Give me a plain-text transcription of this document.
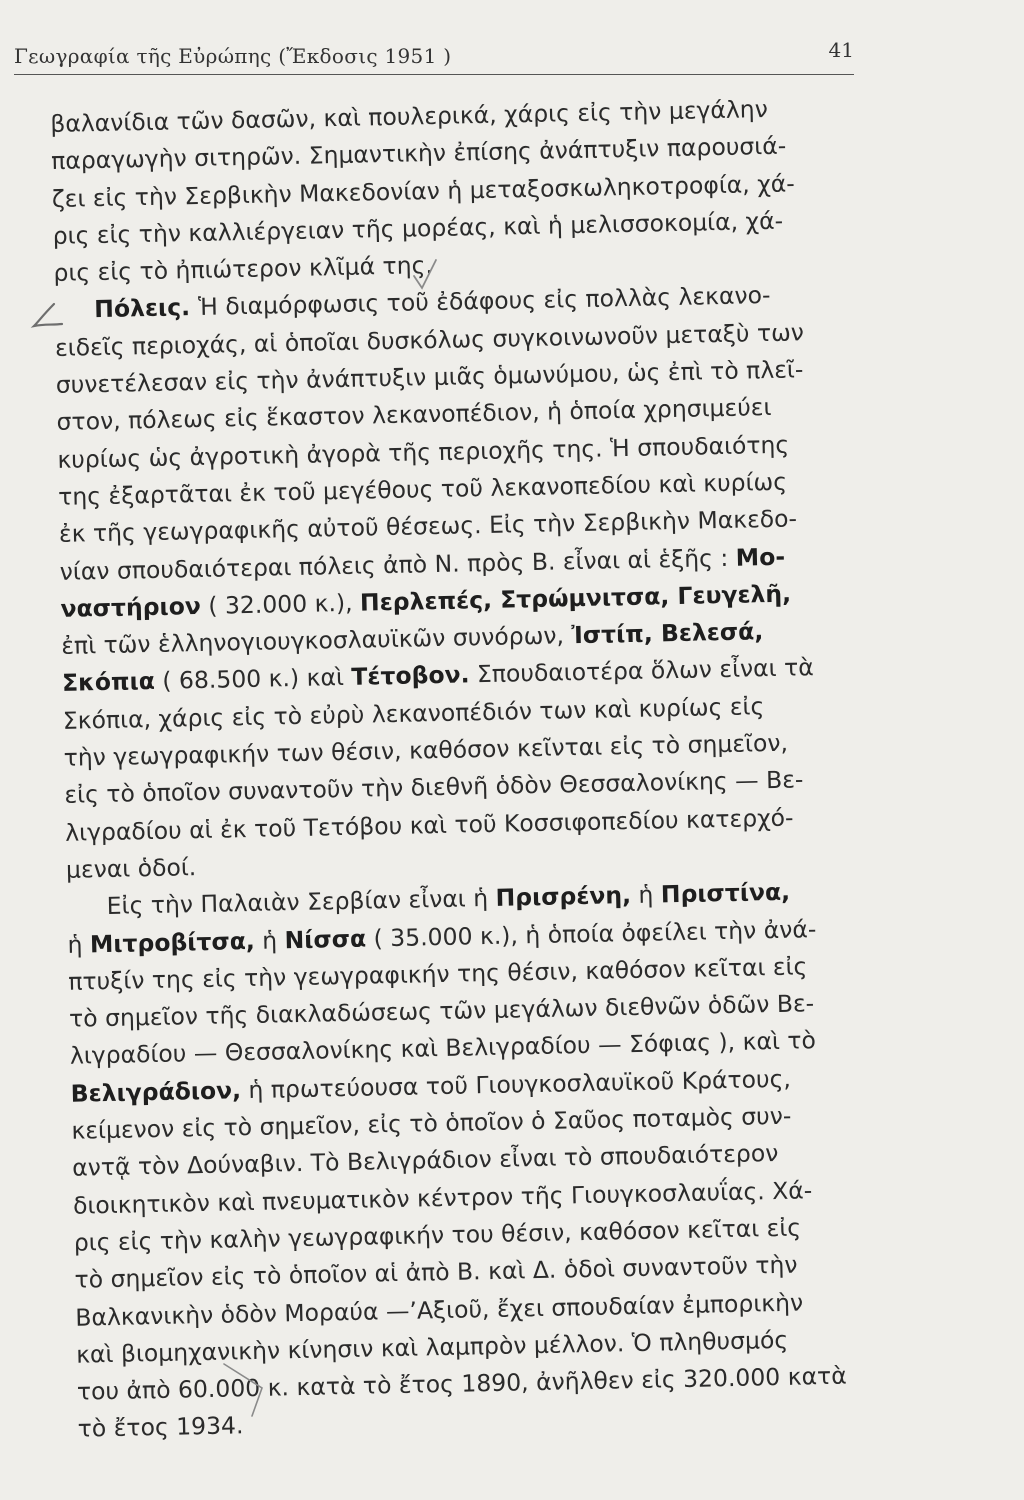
Γεωγραφία τῆς Εὐρώπης (Ἔκδοσις 1951 )	41
βαλανίδια τῶν δασῶν, καὶ πουλερικά, χάρις εἰς τὴν μεγάλην
παραγωγὴν σιτηρῶν. Σημαντικὴν ἐπίσης ἀνάπτυξιν παρουσιά-
ζει εἰς τὴν Σερβικὴν Μακεδονίαν ἡ μεταξοσκωληκοτροφία, χά-
ρις εἰς τὴν καλλιέργειαν τῆς μορέας, καὶ ἡ μελισσοκομία, χά-
ρις εἰς τὸ ἠπιώτερον κλῖμά της.
Πόλεις. Ἡ διαμόρφωσις τοῦ ἐδάφους εἰς πολλὰς λεκανο-
ειδεῖς περιοχάς, αἱ ὁποῖαι δυσκόλως συγκοινωνοῦν μεταξὺ των
συνετέλεσαν εἰς τὴν ἀνάπτυξιν μιᾶς ὁμωνύμου, ὡς ἐπὶ τὸ πλεῖ-
στον, πόλεως εἰς ἕκαστον λεκανοπέδιον, ἡ ὁποία χρησιμεύει
κυρίως ὡς ἀγροτικὴ ἀγορὰ τῆς περιοχῆς της. Ἡ σπουδαιότης
της ἐξαρτᾶται ἐκ τοῦ μεγέθους τοῦ λεκανοπεδίου καὶ κυρίως
ἐκ τῆς γεωγραφικῆς αὐτοῦ θέσεως. Εἰς τὴν Σερβικὴν Μακεδο-
νίαν σπουδαιότεραι πόλεις ἀπὸ Ν. πρὸς Β. εἶναι αἱ ἑξῆς : Μο-
ναστήριον ( 32.000 κ.), Περλεπές, Στρώμνιτσα, Γευγελῆ,
ἐπὶ τῶν ἑλληνογιουγκοσλαυϊκῶν συνόρων, Ἰστίπ, Βελεσά,
Σκόπια ( 68.500 κ.) καὶ Τέτοβον. Σπουδαιοτέρα ὅλων εἶναι τὰ
Σκόπια, χάρις εἰς τὸ εὐρὺ λεκανοπέδιόν των καὶ κυρίως εἰς
τὴν γεωγραφικήν των θέσιν, καθόσον κεῖνται εἰς τὸ σημεῖον,
εἰς τὸ ὁποῖον συναντοῦν τὴν διεθνῆ ὁδὸν Θεσσαλονίκης — Βε-
λιγραδίου αἱ ἐκ τοῦ Τετόβου καὶ τοῦ Κοσσιφοπεδίου κατερχό-
μεναι ὁδοί.
Εἰς τὴν Παλαιὰν Σερβίαν εἶναι ἡ Πρισρένη, ἡ Πριστίνα,
ἡ Μιτροβίτσα, ἡ Νίσσα ( 35.000 κ.), ἡ ὁποία ὀφείλει τὴν ἀνά-
πτυξίν της εἰς τὴν γεωγραφικήν της θέσιν, καθόσον κεῖται εἰς
τὸ σημεῖον τῆς διακλαδώσεως τῶν μεγάλων διεθνῶν ὁδῶν Βε-
λιγραδίου — Θεσσαλονίκης καὶ Βελιγραδίου — Σόφιας ), καὶ τὸ
Βελιγράδιον, ἡ πρωτεύουσα τοῦ Γιουγκοσλαυϊκοῦ Κράτους,
κείμενον εἰς τὸ σημεῖον, εἰς τὸ ὁποῖον ὁ Σαῦος ποταμὸς συν-
αντᾷ τὸν Δούναβιν. Τὸ Βελιγράδιον εἶναι τὸ σπουδαιότερον
διοικητικὸν καὶ πνευματικὸν κέντρον τῆς Γιουγκοσλαυΐας. Χά-
ρις εἰς τὴν καλὴν γεωγραφικήν του θέσιν, καθόσον κεῖται εἰς
τὸ σημεῖον εἰς τὸ ὁποῖον αἱ ἀπὸ Β. καὶ Δ. ὁδοὶ συναντοῦν τὴν
Βαλκανικὴν ὁδὸν Μοραύα —’Αξιοῦ, ἔχει σπουδαίαν ἐμπορικὴν
καὶ βιομηχανικὴν κίνησιν καὶ λαμπρὸν μέλλον. Ὁ πληθυσμός
του ἀπὸ 60.000 κ. κατὰ τὸ ἔτος 1890, ἀνῆλθεν εἰς 320.000 κατὰ
τὸ ἔτος 1934.
